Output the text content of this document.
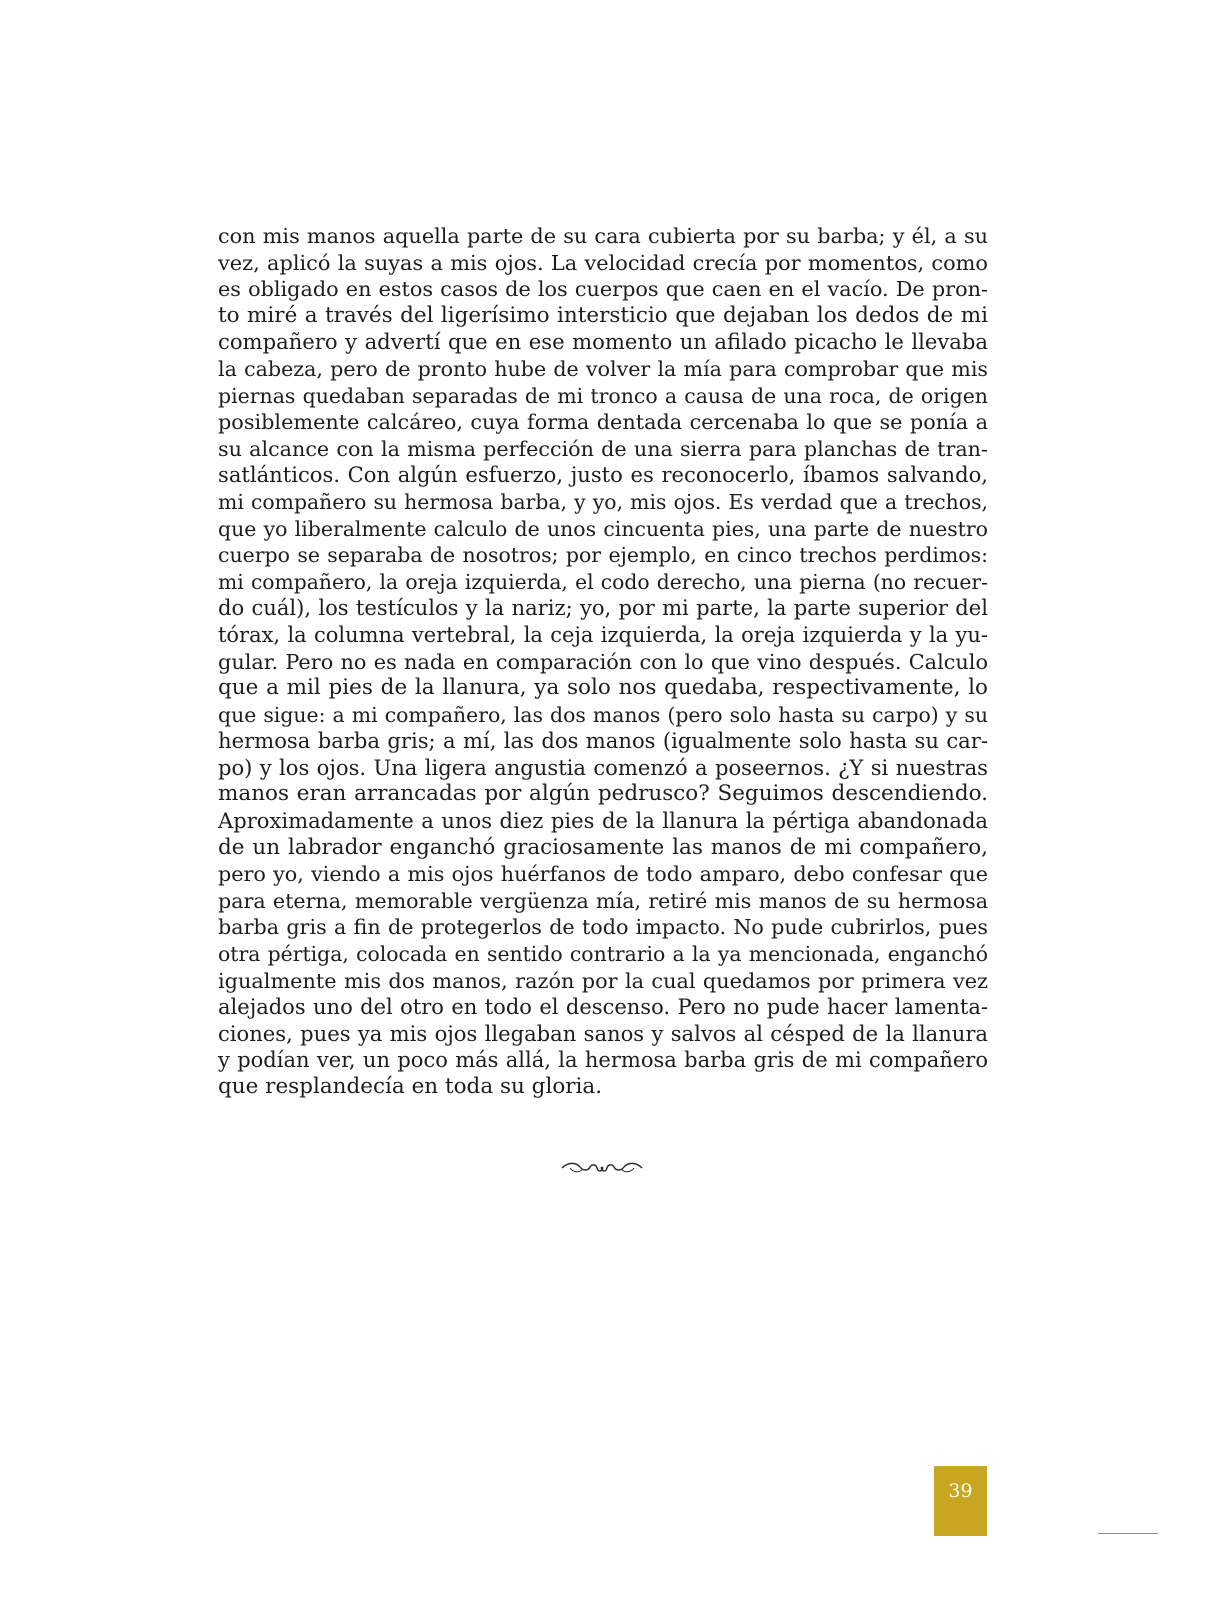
con mis manos aquella parte de su cara cubierta por su barba; y él, a su
vez, aplicó la suyas a mis ojos. La velocidad crecía por momentos, como
es obligado en estos casos de los cuerpos que caen en el vacío. De pron-
to miré a través del ligerísimo intersticio que dejaban los dedos de mi
compañero y advertí que en ese momento un afilado picacho le llevaba
la cabeza, pero de pronto hube de volver la mía para comprobar que mis
piernas quedaban separadas de mi tronco a causa de una roca, de origen
posiblemente calcáreo, cuya forma dentada cercenaba lo que se ponía a
su alcance con la misma perfección de una sierra para planchas de tran-
satlánticos. Con algún esfuerzo, justo es reconocerlo, íbamos salvando,
mi compañero su hermosa barba, y yo, mis ojos. Es verdad que a trechos,
que yo liberalmente calculo de unos cincuenta pies, una parte de nuestro
cuerpo se separaba de nosotros; por ejemplo, en cinco trechos perdimos:
mi compañero, la oreja izquierda, el codo derecho, una pierna (no recuer-
do cuál), los testículos y la nariz; yo, por mi parte, la parte superior del
tórax, la columna vertebral, la ceja izquierda, la oreja izquierda y la yu-
gular. Pero no es nada en comparación con lo que vino después. Calculo
que a mil pies de la llanura, ya solo nos quedaba, respectivamente, lo
que sigue: a mi compañero, las dos manos (pero solo hasta su carpo) y su
hermosa barba gris; a mí, las dos manos (igualmente solo hasta su car-
po) y los ojos. Una ligera angustia comenzó a poseernos. ¿Y si nuestras
manos eran arrancadas por algún pedrusco? Seguimos descendiendo.
Aproximadamente a unos diez pies de la llanura la pértiga abandonada
de un labrador enganchó graciosamente las manos de mi compañero,
pero yo, viendo a mis ojos huérfanos de todo amparo, debo confesar que
para eterna, memorable vergüenza mía, retiré mis manos de su hermosa
barba gris a fin de protegerlos de todo impacto. No pude cubrirlos, pues
otra pértiga, colocada en sentido contrario a la ya mencionada, enganchó
igualmente mis dos manos, razón por la cual quedamos por primera vez
alejados uno del otro en todo el descenso. Pero no pude hacer lamenta-
ciones, pues ya mis ojos llegaban sanos y salvos al césped de la llanura
y podían ver, un poco más allá, la hermosa barba gris de mi compañero
que resplandecía en toda su gloria.
39
